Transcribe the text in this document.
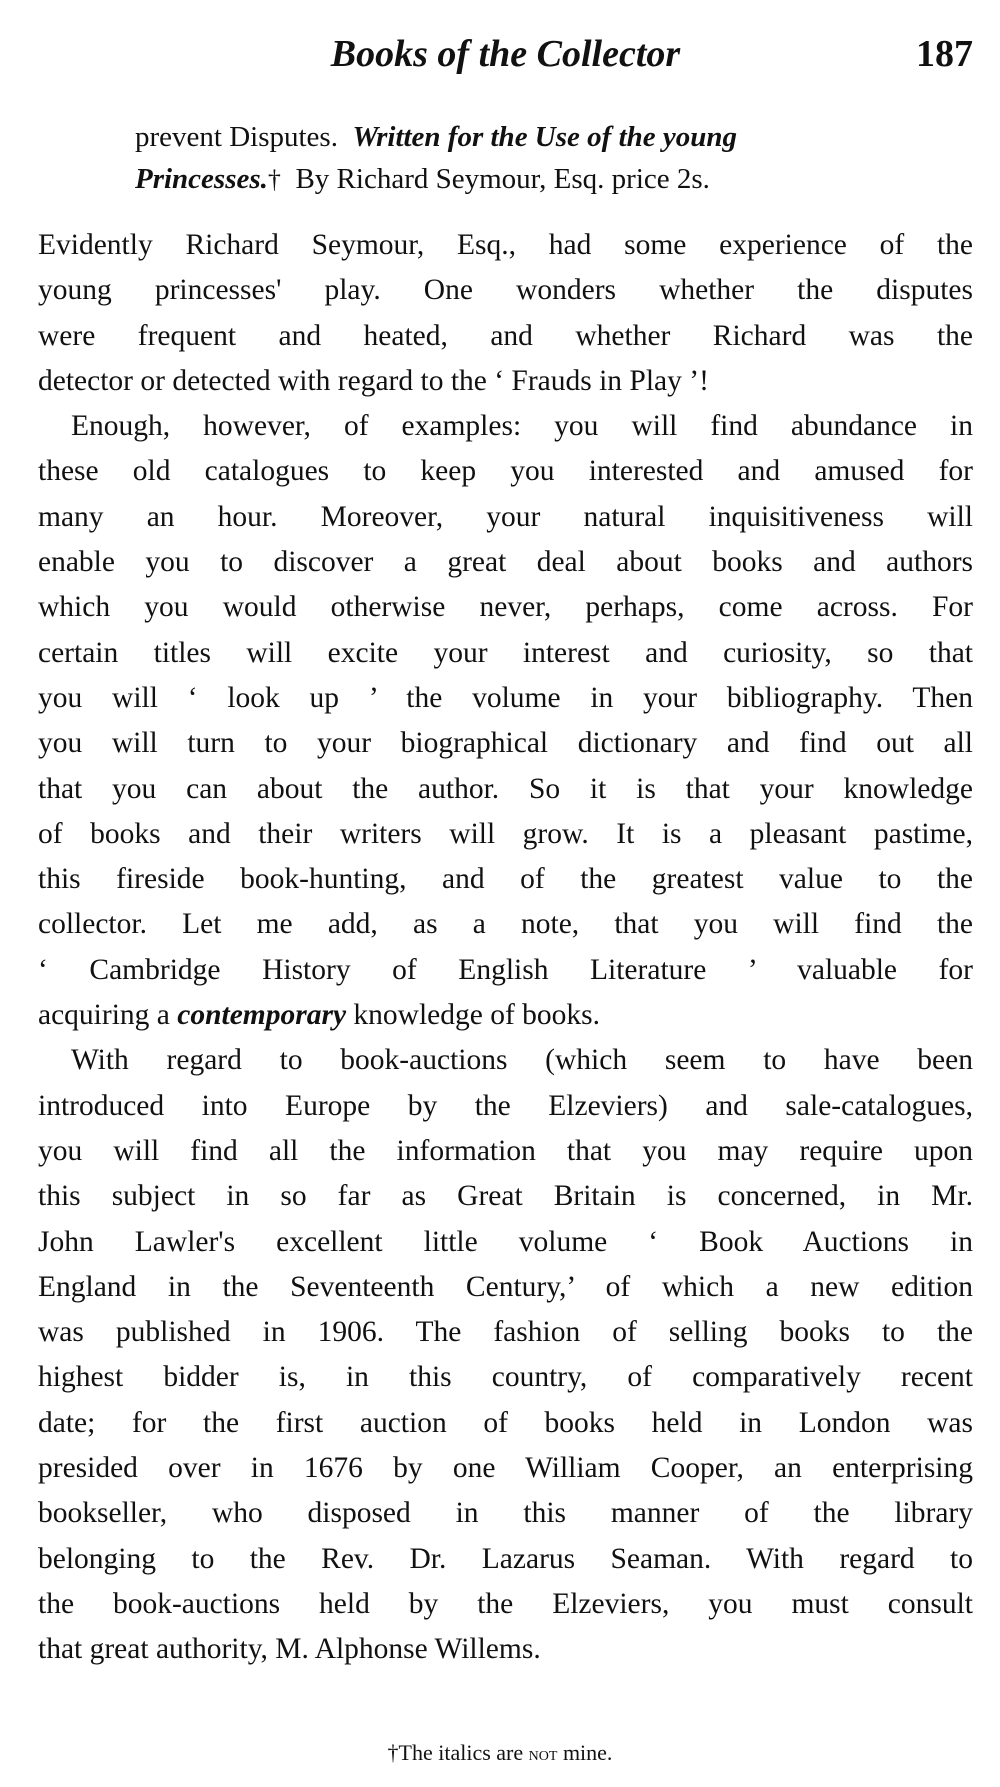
Books of the Collector	187
prevent Disputes. Written for the Use of the young
Princesses.† By Richard Seymour, Esq. price 2s.
Evidently Richard Seymour, Esq., had some experience of the
young princesses' play. One wonders whether the disputes
were frequent and heated, and whether Richard was the
detector or detected with regard to the ‘ Frauds in Play ’!
Enough, however, of examples: you will find abundance in
these old catalogues to keep you interested and amused for
many an hour. Moreover, your natural inquisitiveness will
enable you to discover a great deal about books and authors
which you would otherwise never, perhaps, come across. For
certain titles will excite your interest and curiosity, so that
you will ‘ look up ’ the volume in your bibliography. Then
you will turn to your biographical dictionary and find out all
that you can about the author. So it is that your knowledge
of books and their writers will grow. It is a pleasant pastime,
this fireside book-hunting, and of the greatest value to the
collector. Let me add, as a note, that you will find the
‘ Cambridge History of English Literature ’ valuable for
acquiring a contemporary knowledge of books.
With regard to book-auctions (which seem to have been
introduced into Europe by the Elzeviers) and sale-catalogues,
you will find all the information that you may require upon
this subject in so far as Great Britain is concerned, in Mr.
John Lawler's excellent little volume ‘ Book Auctions in
England in the Seventeenth Century,’ of which a new edition
was published in 1906. The fashion of selling books to the
highest bidder is, in this country, of comparatively recent
date; for the first auction of books held in London was
presided over in 1676 by one William Cooper, an enterprising
bookseller, who disposed in this manner of the library
belonging to the Rev. Dr. Lazarus Seaman. With regard to
the book-auctions held by the Elzeviers, you must consult
that great authority, M. Alphonse Willems.
†The italics are not mine.
